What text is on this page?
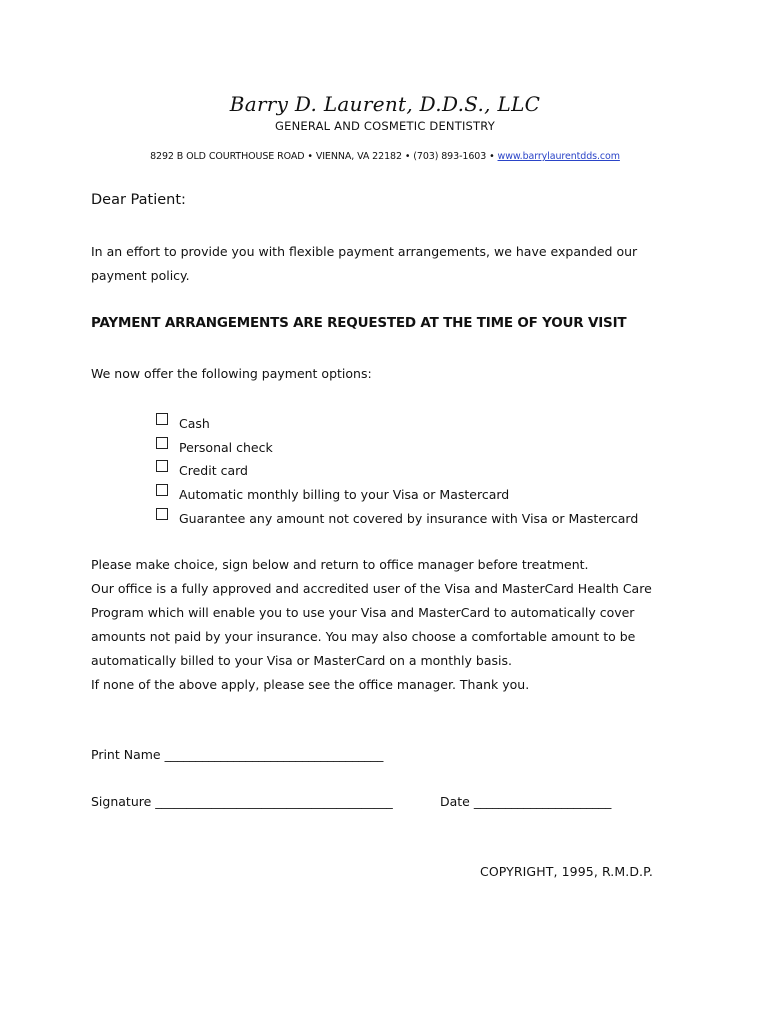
Barry D. Laurent, D.D.S., LLC
GENERAL AND COSMETIC DENTISTRY
8292 B OLD COURTHOUSE ROAD • VIENNA, VA 22182 • (703) 893-1603 • www.barrylaurentdds.com
Dear Patient:
In an effort to provide you with flexible payment arrangements, we have expanded our
payment policy.
PAYMENT ARRANGEMENTS ARE REQUESTED AT THE TIME OF YOUR VISIT
We now offer the following payment options:
Cash
Personal check
Credit card
Automatic monthly billing to your Visa or Mastercard
Guarantee any amount not covered by insurance with Visa or Mastercard
Please make choice, sign below and return to office manager before treatment.
Our office is a fully approved and accredited user of the Visa and MasterCard Health Care
Program which will enable you to use your Visa and MasterCard to automatically cover
amounts not paid by your insurance. You may also choose a comfortable amount to be
automatically billed to your Visa or MasterCard on a monthly basis.
If none of the above apply, please see the office manager. Thank you.
Print Name ___________________________________
Signature ______________________________________	Date ______________________
COPYRIGHT, 1995, R.M.D.P.
